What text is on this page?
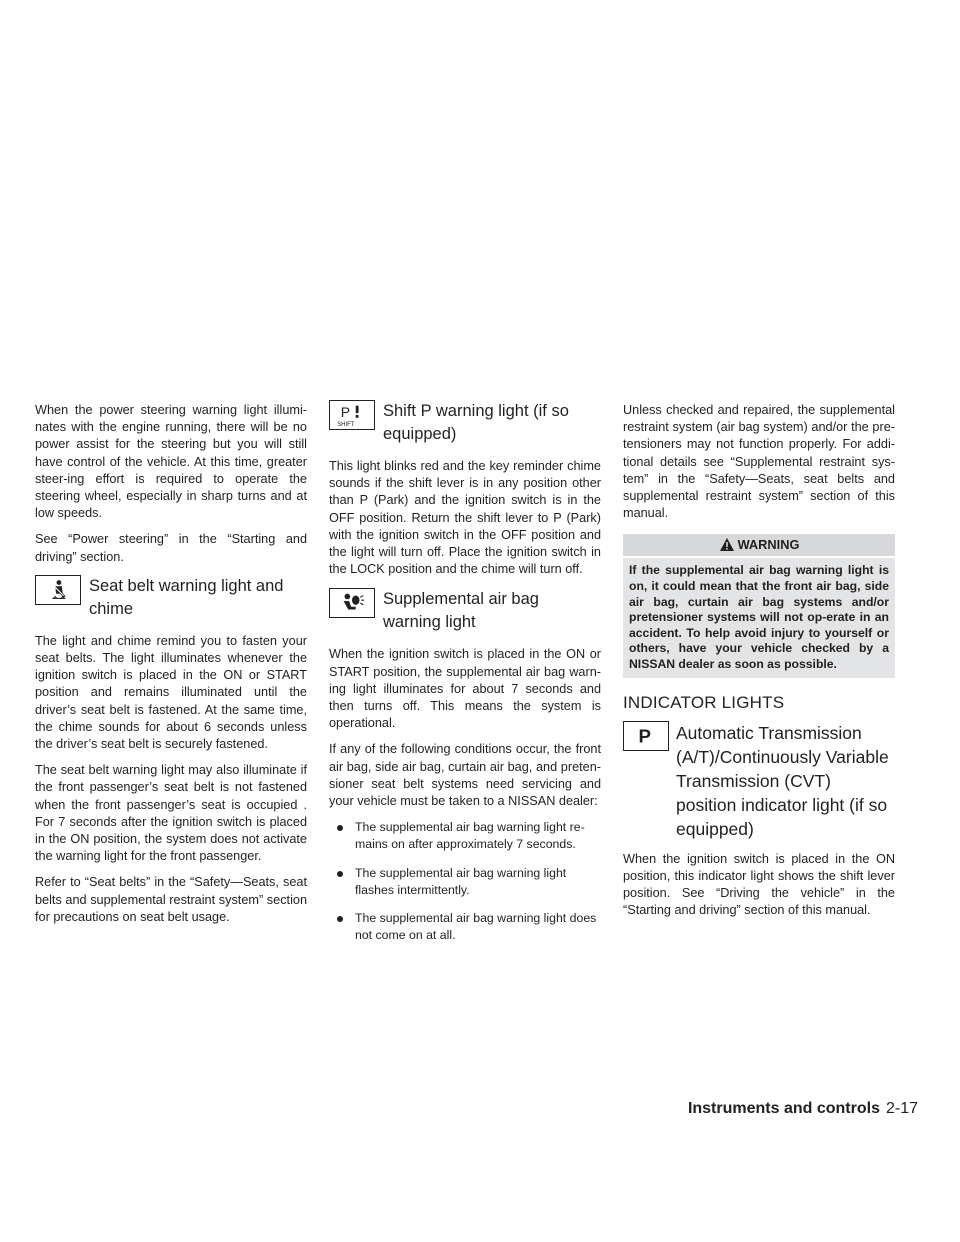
When the power steering warning light illumi-nates with the engine running, there will be no power assist for the steering but you will still have control of the vehicle. At this time, greater steer-ing effort is required to operate the steering wheel, especially in sharp turns and at low speeds.

See “Power steering” in the “Starting and driving” section.

Seat belt warning light and chime

The light and chime remind you to fasten your seat belts. The light illuminates whenever the ignition switch is placed in the ON or START position and remains illuminated until the driver’s seat belt is fastened. At the same time, the chime sounds for about 6 seconds unless the driver’s seat belt is securely fastened.

The seat belt warning light may also illuminate if the front passenger’s seat belt is not fastened when the front passenger’s seat is occupied . For 7 seconds after the ignition switch is placed in the ON position, the system does not activate the warning light for the front passenger.

Refer to “Seat belts” in the “Safety—Seats, seat belts and supplemental restraint system” section for precautions on seat belt usage.

P
SHIFT
Shift P warning light (if so equipped)

This light blinks red and the key reminder chime sounds if the shift lever is in any position other than P (Park) and the ignition switch is in the OFF position. Return the shift lever to P (Park) with the ignition switch in the OFF position and the light will turn off. Place the ignition switch in the LOCK position and the chime will turn off.

Supplemental air bag warning light

When the ignition switch is placed in the ON or START position, the supplemental air bag warn-ing light illuminates for about 7 seconds and then turns off. This means the system is operational.

If any of the following conditions occur, the front air bag, side air bag, curtain air bag, and preten-sioner seat belt systems need servicing and your vehicle must be taken to a NISSAN dealer:

The supplemental air bag warning light re-mains on after approximately 7 seconds.
The supplemental air bag warning light flashes intermittently.
The supplemental air bag warning light does not come on at all.

Unless checked and repaired, the supplemental restraint system (air bag system) and/or the pre-tensioners may not function properly. For addi-tional details see “Supplemental restraint sys-tem” in the “Safety—Seats, seat belts and supplemental restraint system” section of this manual.

WARNING
If the supplemental air bag warning light is on, it could mean that the front air bag, side air bag, curtain air bag systems and/or pretensioner systems will not op-erate in an accident. To help avoid injury to yourself or others, have your vehicle checked by a NISSAN dealer as soon as possible.
INDICATOR LIGHTS
P Automatic Transmission (A/T)/Continuously Variable Transmission (CVT) position indicator light (if so equipped)

When the ignition switch is placed in the ON position, this indicator light shows the shift lever position. See “Driving the vehicle” in the “Starting and driving” section of this manual.

Instruments and controls 2-17
